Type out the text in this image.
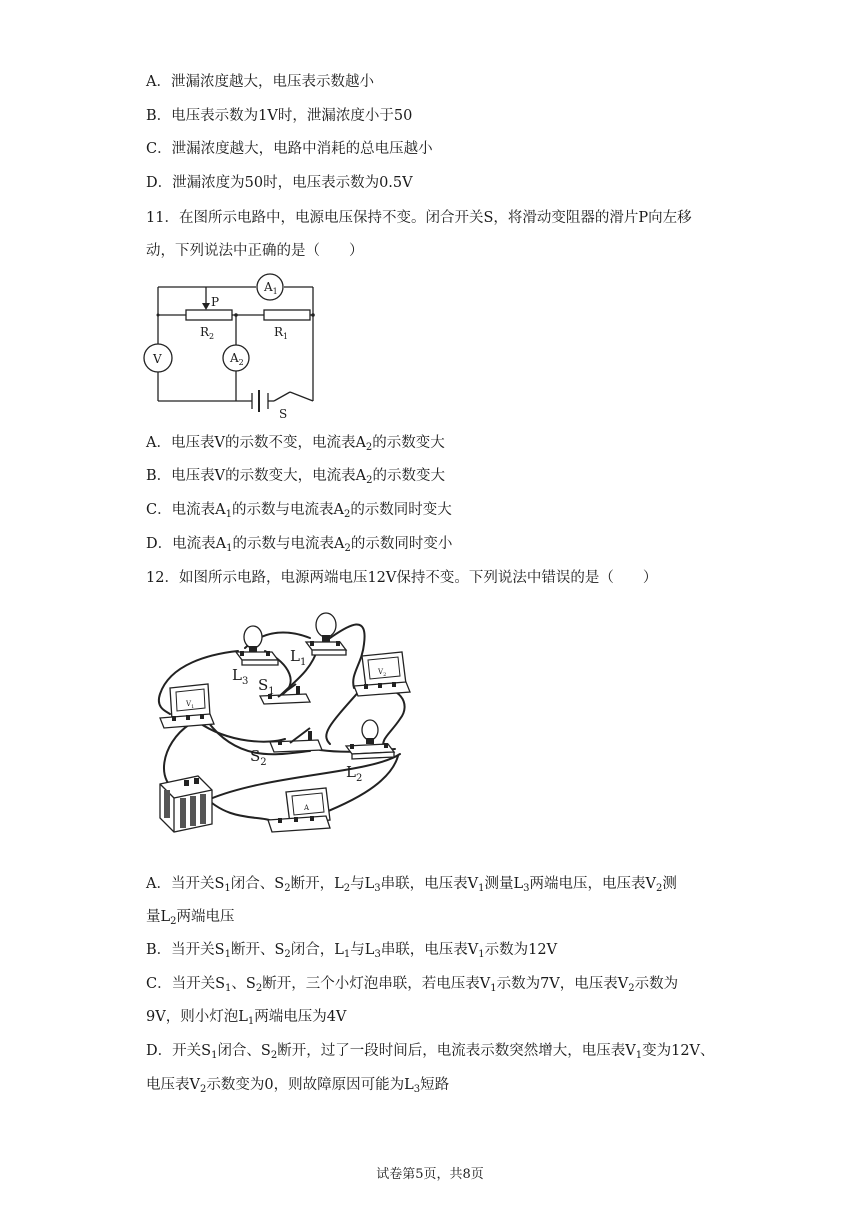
A．泄漏浓度越大，电压表示数越小
B．电压表示数为1V时，泄漏浓度小于50
C．泄漏浓度越大，电路中消耗的总电压越小
D．泄漏浓度为50时，电压表示数为0.5V
11．在图所示电路中，电源电压保持不变。闭合开关S，将滑动变阻器的滑片P向左移
动，下列说法中正确的是（　　）
$A_1$
P
$R_2$	$R_1$
V	$A_2$
S
A．电压表V的示数不变，电流表$A_2$的示数变大
B．电压表V的示数变大，电流表$A_2$的示数变大
C．电流表$A_1$的示数与电流表$A_2$的示数同时变大
D．电流表$A_1$的示数与电流表$A_2$的示数同时变小
12．如图所示电路，电源两端电压12V保持不变。下列说法中错误的是（　　）
$L_3$
$L_1$
$S_1$
$S_2$
$L_2$
$V_1$
$V_2$
A
A．当开关$S_1$闭合、$S_2$断开，$L_2$与$L_3$串联，电压表$V_1$测量$L_3$两端电压，电压表$V_2$测
量$L_2$两端电压
B．当开关$S_1$断开、$S_2$闭合，$L_1$与$L_3$串联，电压表$V_1$示数为12V
C．当开关$S_1$、$S_2$断开，三个小灯泡串联，若电压表$V_1$示数为7V，电压表$V_2$示数为
9V，则小灯泡$L_1$两端电压为4V
D．开关$S_1$闭合、$S_2$断开，过了一段时间后，电流表示数突然增大，电压表$V_1$变为12V、
电压表$V_2$示数变为0，则故障原因可能为$L_3$短路
试卷第5页，共8页
